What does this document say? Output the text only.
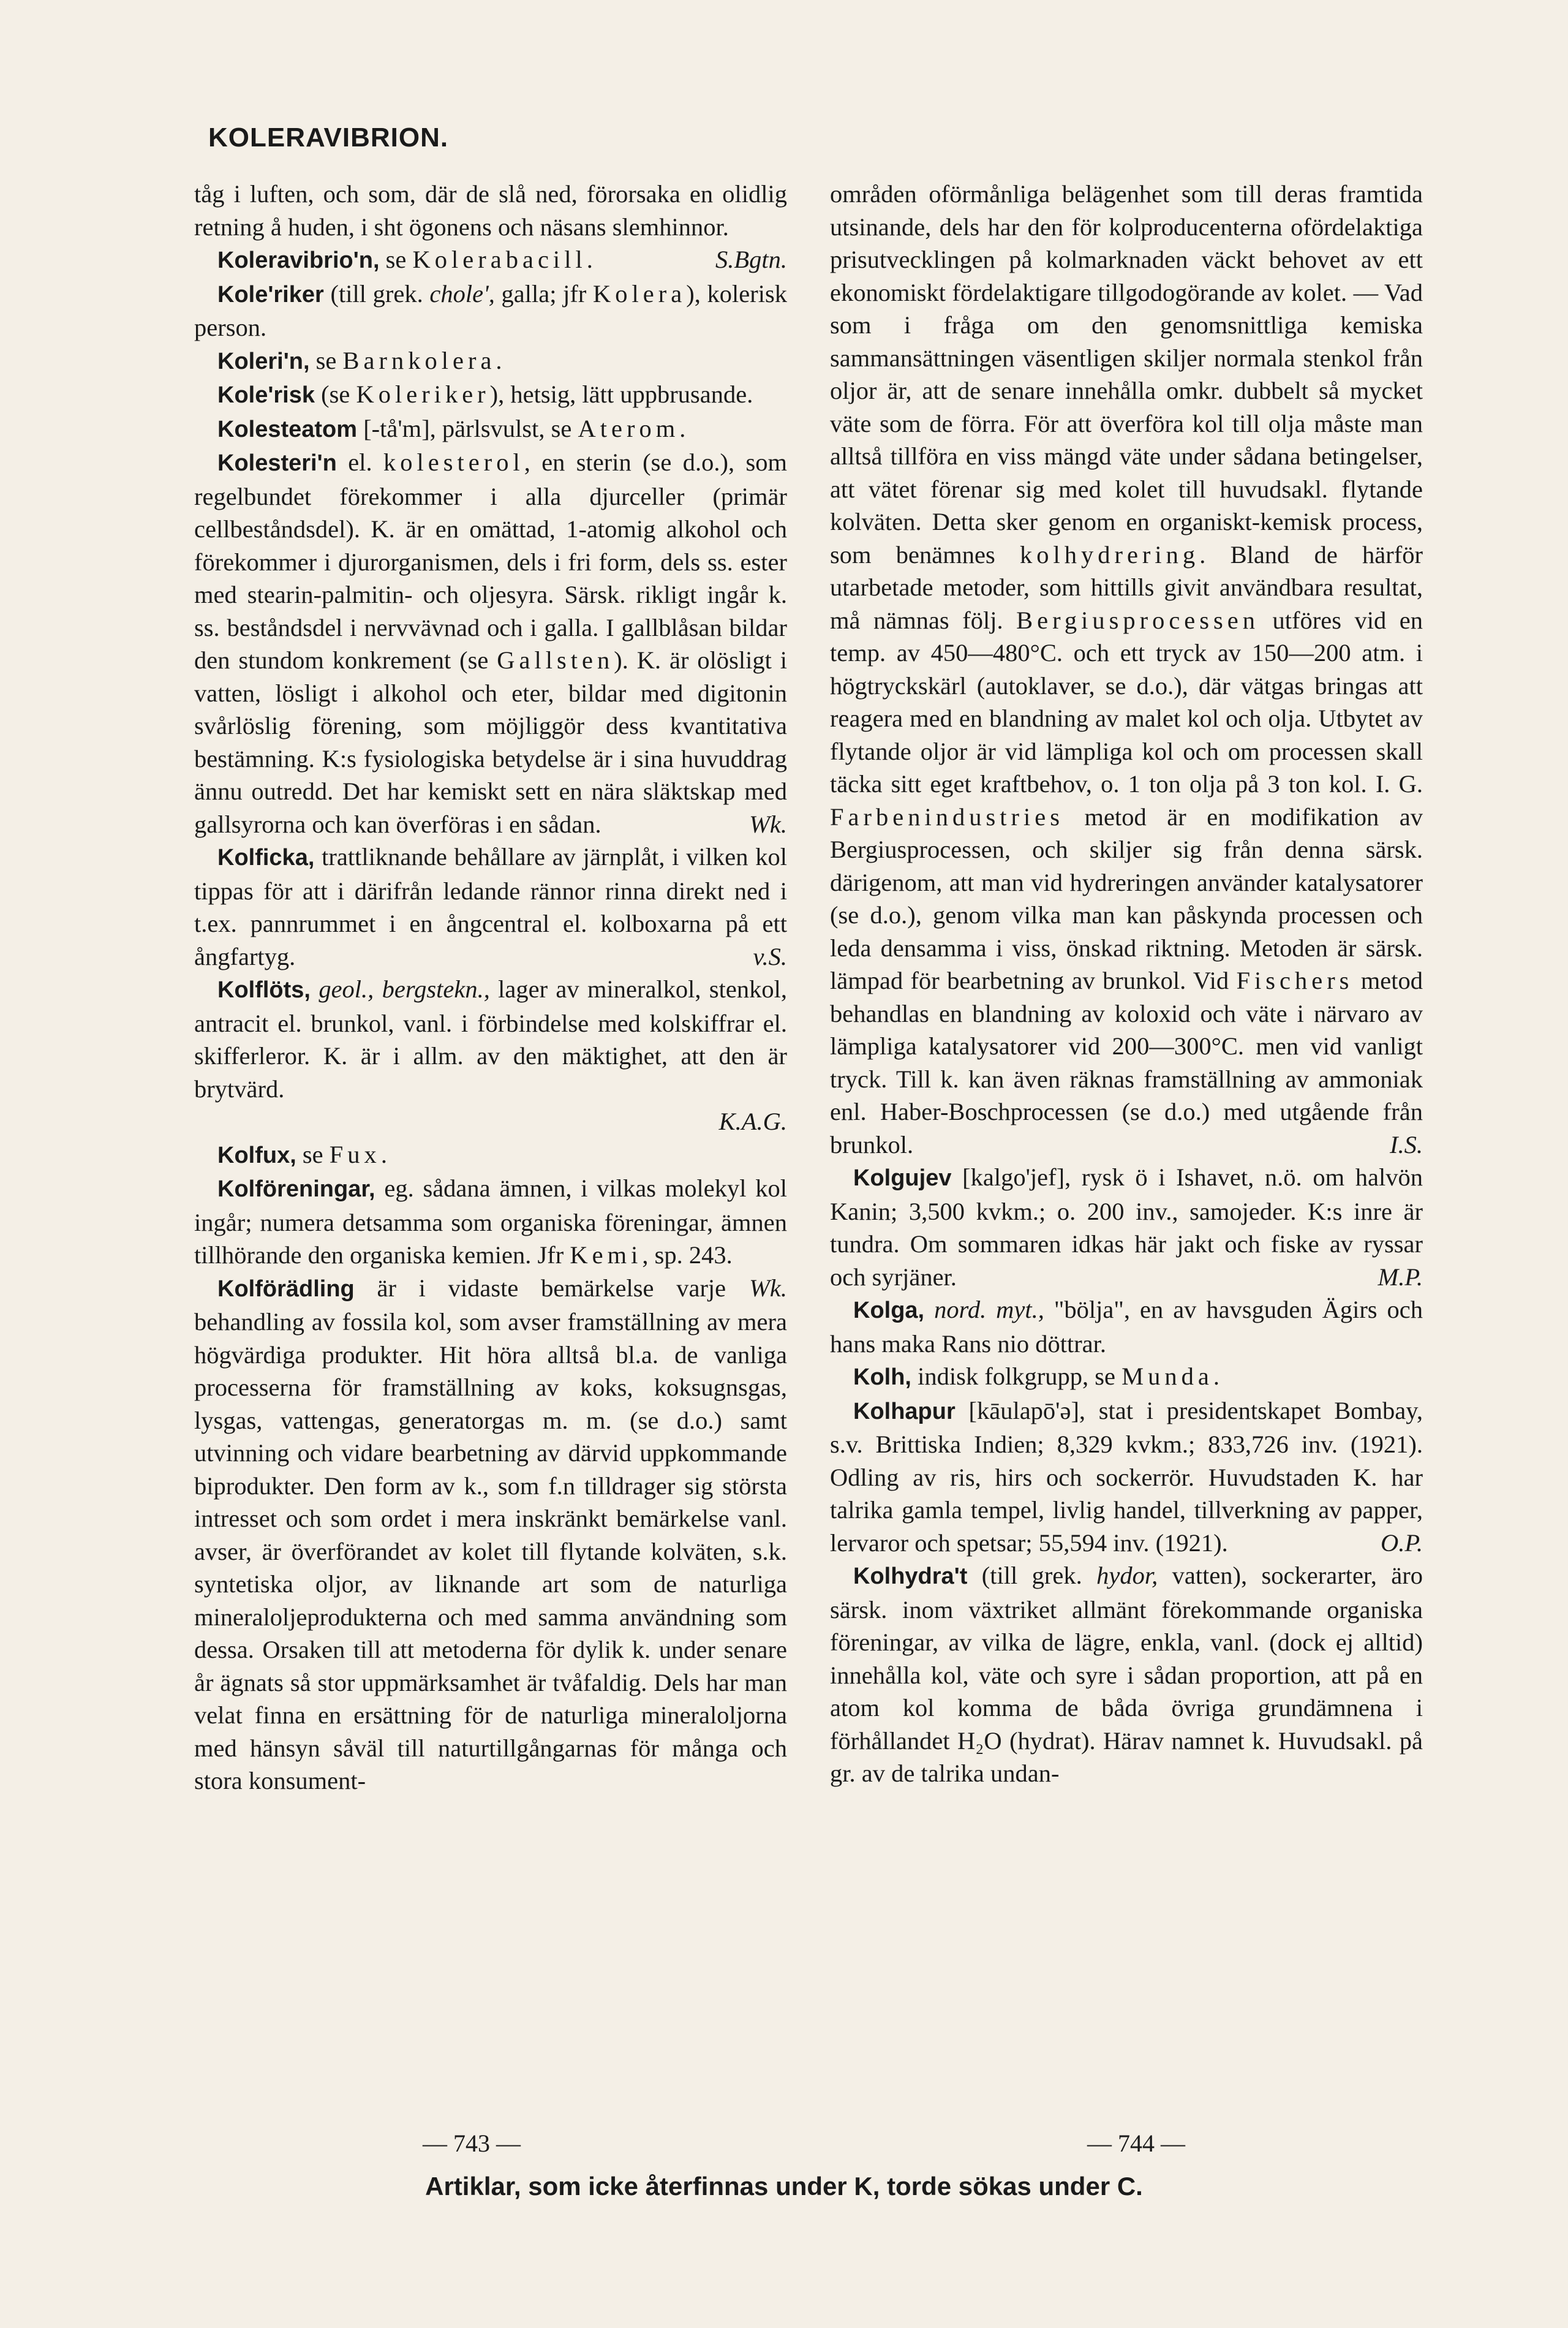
KOLERAVIBRION.

tåg i luften, och som, där de slå ned, förorsaka en olidlig retning å huden, i sht ögonens och näsans slemhinnor.
S.Bgtn.

Koleravibrio'n, se Kolerabacill.

Kole'riker (till grek. chole', galla; jfr Kolera), kolerisk person.

Koleri'n, se Barnkolera.

Kole'risk (se Koleriker), hetsig, lätt uppbrusande.

Kolesteatom [-tå'm], pärlsvulst, se Aterom.

Kolesteri'n el. kolesterol, en sterin (se d.o.), som regelbundet förekommer i alla djurceller (primär cellbeståndsdel). K. är en omättad, 1-atomig alkohol och förekommer i djurorganismen, dels i fri form, dels ss. ester med stearin-palmitin- och oljesyra. Särsk. rikligt ingår k. ss. beståndsdel i nervvävnad och i galla. I gallblåsan bildar den stundom konkrement (se Gallsten). K. är olösligt i vatten, lösligt i alkohol och eter, bildar med digitonin svårlöslig förening, som möjliggör dess kvantitativa bestämning. K:s fysiologiska betydelse är i sina huvuddrag ännu outredd. Det har kemiskt sett en nära släktskap med gallsyrorna och kan överföras i en sådan.	Wk.

Kolficka, trattliknande behållare av järnplåt, i vilken kol tippas för att i därifrån ledande rännor rinna direkt ned i t.ex. pannrummet i en ångcentral el. kolboxarna på ett ångfartyg.	v.S.

Kolflöts, geol., bergstekn., lager av mineralkol, stenkol, antracit el. brunkol, vanl. i förbindelse med kolskiffrar el. skifferleror. K. är i allm. av den mäktighet, att den är brytvärd.

K.A.G.

Kolfux, se Fux.

Kolföreningar, eg. sådana ämnen, i vilkas molekyl kol ingår; numera detsamma som organiska föreningar, ämnen tillhörande den organiska kemien. Jfr Kemi, sp. 243.
Wk.

Kolförädling är i vidaste bemärkelse varje behandling av fossila kol, som avser framställning av mera högvärdiga produkter. Hit höra alltså bl.a. de vanliga processerna för framställning av koks, koksugnsgas, lysgas, vattengas, generatorgas m. m. (se d.o.) samt utvinning och vidare bearbetning av därvid uppkommande biprodukter. Den form av k., som f.n tilldrager sig största intresset och som ordet i mera inskränkt bemärkelse vanl. avser, är överförandet av kolet till flytande kolväten, s.k. syntetiska oljor, av liknande art som de naturliga mineraloljeprodukterna och med samma användning som dessa. Orsaken till att metoderna för dylik k. under senare år ägnats så stor uppmärksamhet är tvåfaldig. Dels har man velat finna en ersättning för de naturliga mineraloljorna med hänsyn såväl till naturtillgångarnas för många och stora konsument-

områden oförmånliga belägenhet som till deras framtida utsinande, dels har den för kolproducenterna ofördelaktiga prisutvecklingen på kolmarknaden väckt behovet av ett ekonomiskt fördelaktigare tillgodogörande av kolet. — Vad som i fråga om den genomsnittliga kemiska sammansättningen väsentligen skiljer normala stenkol från oljor är, att de senare innehålla omkr. dubbelt så mycket väte som de förra. För att överföra kol till olja måste man alltså tillföra en viss mängd väte under sådana betingelser, att vätet förenar sig med kolet till huvudsakl. flytande kolväten. Detta sker genom en organiskt-kemisk process, som benämnes kolhydrering. Bland de härför utarbetade metoder, som hittills givit användbara resultat, må nämnas följ. Bergiusprocessen utföres vid en temp. av 450—480°C. och ett tryck av 150—200 atm. i högtryckskärl (autoklaver, se d.o.), där vätgas bringas att reagera med en blandning av malet kol och olja. Utbytet av flytande oljor är vid lämpliga kol och om processen skall täcka sitt eget kraftbehov, o. 1 ton olja på 3 ton kol. I. G. Farbenindustries metod är en modifikation av Bergiusprocessen, och skiljer sig från denna särsk. därigenom, att man vid hydreringen använder katalysatorer (se d.o.), genom vilka man kan påskynda processen och leda densamma i viss, önskad riktning. Metoden är särsk. lämpad för bearbetning av brunkol. Vid Fischers metod behandlas en blandning av koloxid och väte i närvaro av lämpliga katalysatorer vid 200—300°C. men vid vanligt tryck. Till k. kan även räknas framställning av ammoniak enl. Haber-Boschprocessen (se d.o.) med utgående från brunkol.	I.S.

Kolgujev [kalgo'jef], rysk ö i Ishavet, n.ö. om halvön Kanin; 3,500 kvkm.; o. 200 inv., samojeder. K:s inre är tundra. Om sommaren idkas här jakt och fiske av ryssar och syrjäner.	M.P.

Kolga, nord. myt., "bölja", en av havsguden Ägirs och hans maka Rans nio döttrar.

Kolh, indisk folkgrupp, se Munda.

Kolhapur [kāulapō'ə], stat i presidentskapet Bombay, s.v. Brittiska Indien; 8,329 kvkm.; 833,726 inv. (1921). Odling av ris, hirs och sockerrör. Huvudstaden K. har talrika gamla tempel, livlig handel, tillverkning av papper, lervaror och spetsar; 55,594 inv. (1921).	O.P.

Kolhydra't (till grek. hydor, vatten), sockerarter, äro särsk. inom växtriket allmänt förekommande organiska föreningar, av vilka de lägre, enkla, vanl. (dock ej alltid) innehålla kol, väte och syre i sådan proportion, att på en atom kol komma de båda övriga grundämnena i förhållandet H₂O (hydrat). Härav namnet k. Huvudsakl. på gr. av de talrika undan-

— 743 —	— 744 —
Artiklar, som icke återfinnas under K, torde sökas under C.
